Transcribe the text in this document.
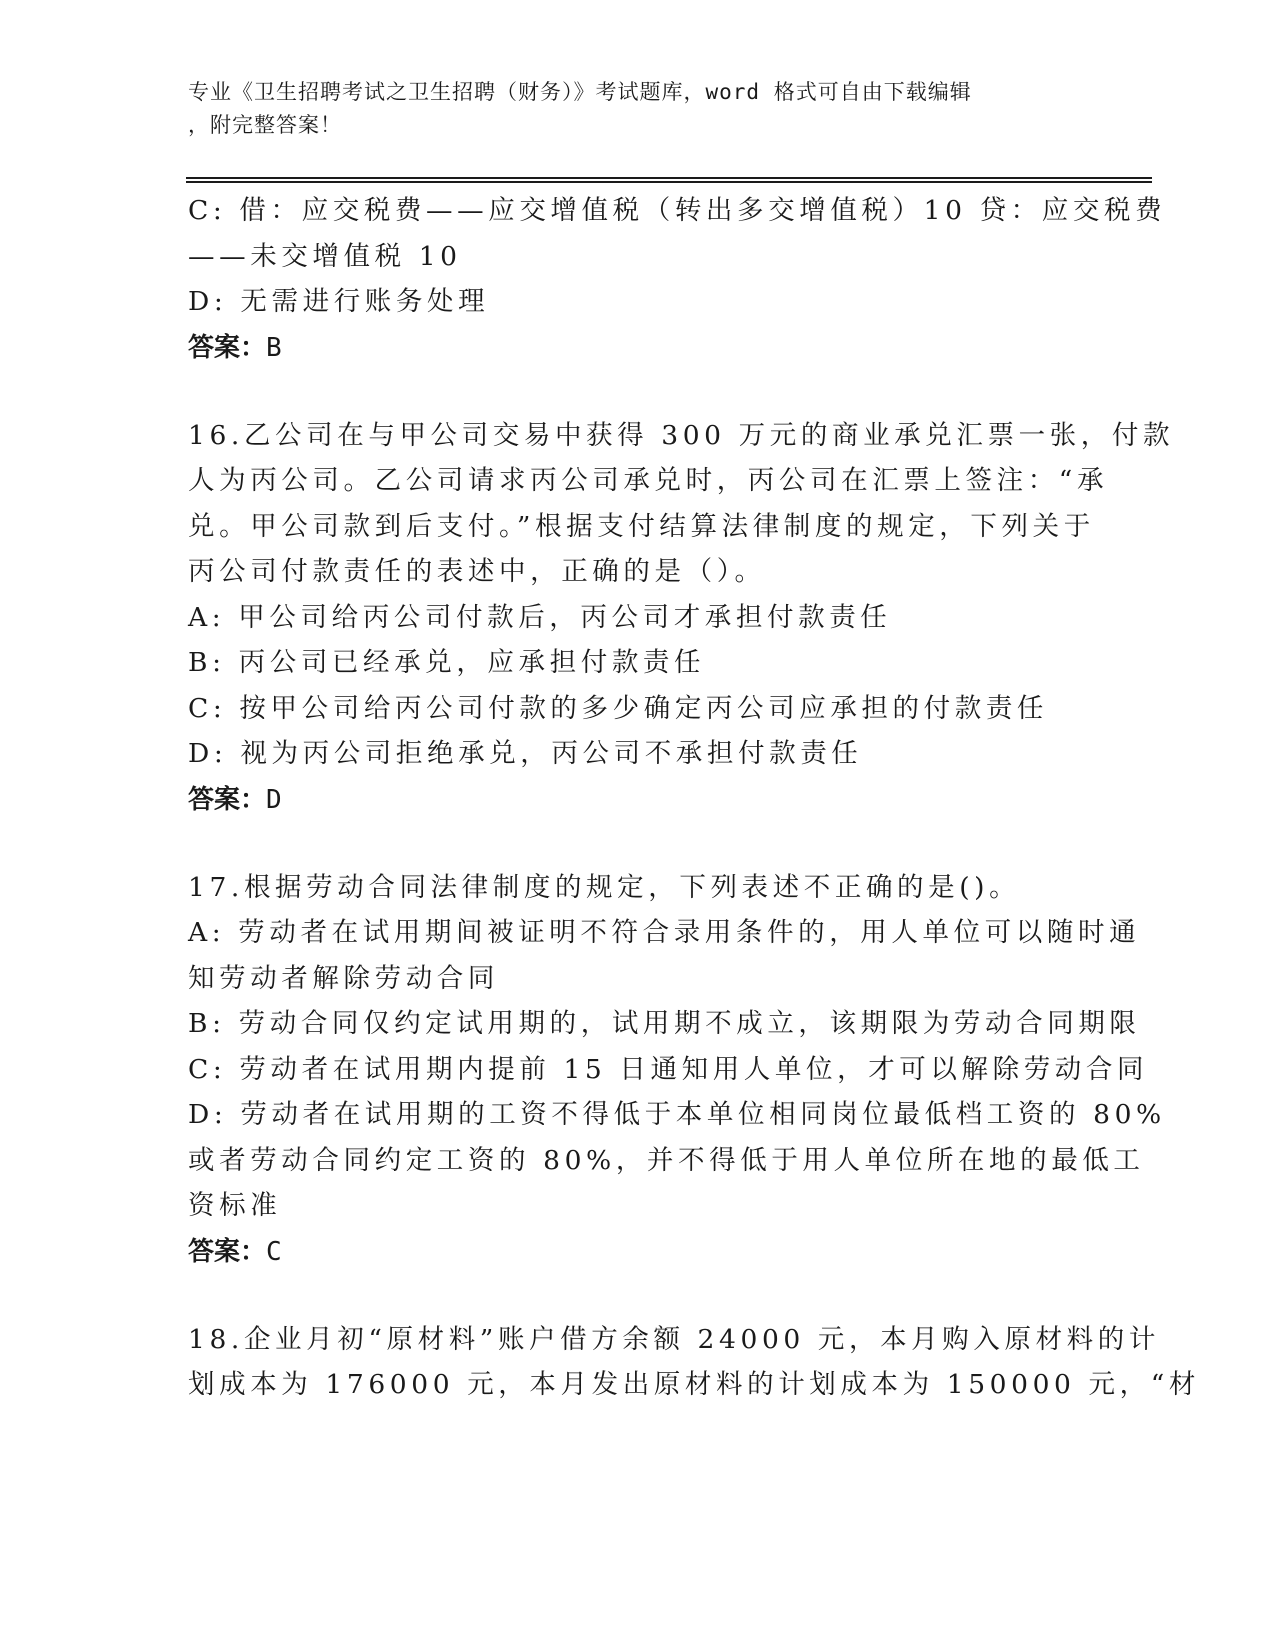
专业《卫生招聘考试之卫生招聘（财务）》考试题库，word 格式可自由下载编辑
，附完整答案！

C: 借：应交税费——应交增值税（转出多交增值税）10 贷：应交税费

——未交增值税 10

D: 无需进行账务处理

答案：B

16.乙公司在与甲公司交易中获得 300 万元的商业承兑汇票一张，付款

人为丙公司。乙公司请求丙公司承兑时，丙公司在汇票上签注：“承

兑。甲公司款到后支付。”根据支付结算法律制度的规定，下列关于

丙公司付款责任的表述中，正确的是（）。

A: 甲公司给丙公司付款后，丙公司才承担付款责任

B: 丙公司已经承兑，应承担付款责任

C: 按甲公司给丙公司付款的多少确定丙公司应承担的付款责任

D: 视为丙公司拒绝承兑，丙公司不承担付款责任

答案：D

17.根据劳动合同法律制度的规定，下列表述不正确的是()。

A: 劳动者在试用期间被证明不符合录用条件的，用人单位可以随时通

知劳动者解除劳动合同

B: 劳动合同仅约定试用期的，试用期不成立，该期限为劳动合同期限

C: 劳动者在试用期内提前 15 日通知用人单位，才可以解除劳动合同

D: 劳动者在试用期的工资不得低于本单位相同岗位最低档工资的 80%

或者劳动合同约定工资的 80%，并不得低于用人单位所在地的最低工

资标准

答案：C

18.企业月初“原材料”账户借方余额 24000 元，本月购入原材料的计

划成本为 176000 元，本月发出原材料的计划成本为 150000 元，“材
